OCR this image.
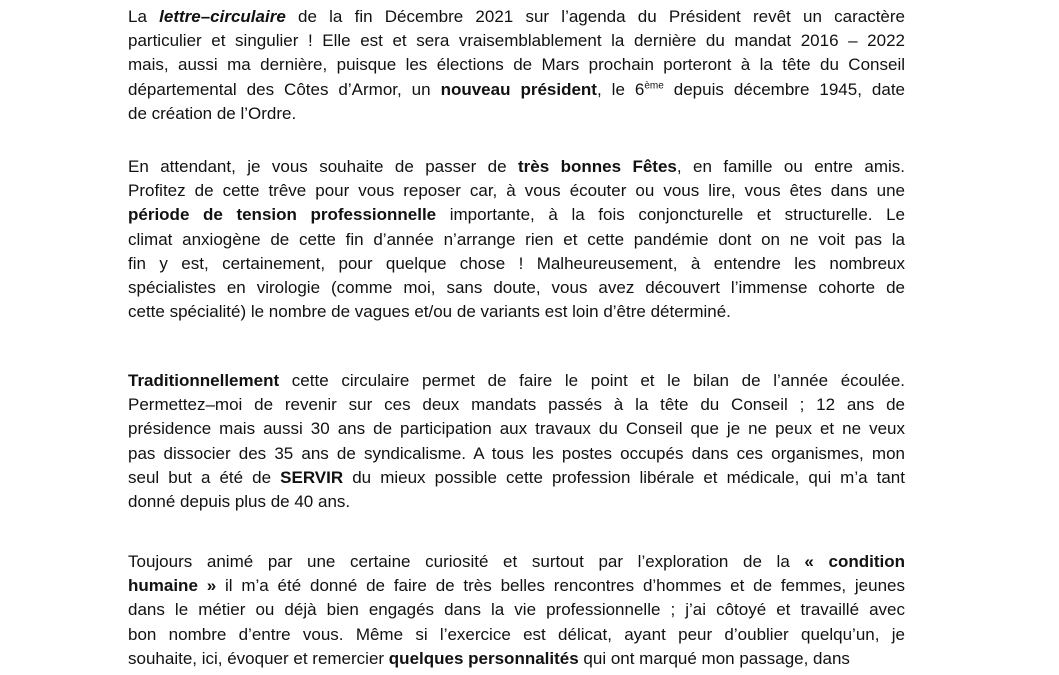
La lettre–circulaire de la fin Décembre 2021 sur l’agenda du Président revêt un caractère
particulier et singulier ! Elle est et sera vraisemblablement la dernière du mandat 2016 – 2022
mais, aussi ma dernière, puisque les élections de Mars prochain porteront à la tête du Conseil
départemental des Côtes d’Armor, un nouveau président, le 6ème depuis décembre 1945, date
de création de l’Ordre.
En attendant, je vous souhaite de passer de très bonnes Fêtes, en famille ou entre amis.
Profitez de cette trêve pour vous reposer car, à vous écouter ou vous lire, vous êtes dans une
période de tension professionnelle importante, à la fois conjoncturelle et structurelle. Le
climat anxiogène de cette fin d’année n’arrange rien et cette pandémie dont on ne voit pas la
fin y est, certainement, pour quelque chose ! Malheureusement, à entendre les nombreux
spécialistes en virologie (comme moi, sans doute, vous avez découvert l’immense cohorte de
cette spécialité) le nombre de vagues et/ou de variants est loin d’être déterminé.
Traditionnellement cette circulaire permet de faire le point et le bilan de l’année écoulée.
Permettez–moi de revenir sur ces deux mandats passés à la tête du Conseil ; 12 ans de
présidence mais aussi 30 ans de participation aux travaux du Conseil que je ne peux et ne veux
pas dissocier des 35 ans de syndicalisme. A tous les postes occupés dans ces organismes, mon
seul but a été de SERVIR du mieux possible cette profession libérale et médicale, qui m’a tant
donné depuis plus de 40 ans.
Toujours animé par une certaine curiosité et surtout par l’exploration de la « condition
humaine » il m’a été donné de faire de très belles rencontres d’hommes et de femmes, jeunes
dans le métier ou déjà bien engagés dans la vie professionnelle ; j’ai côtoyé et travaillé avec
bon nombre d’entre vous. Même si l’exercice est délicat, ayant peur d’oublier quelqu’un, je
souhaite, ici, évoquer et remercier quelques personnalités qui ont marqué mon passage, dans
